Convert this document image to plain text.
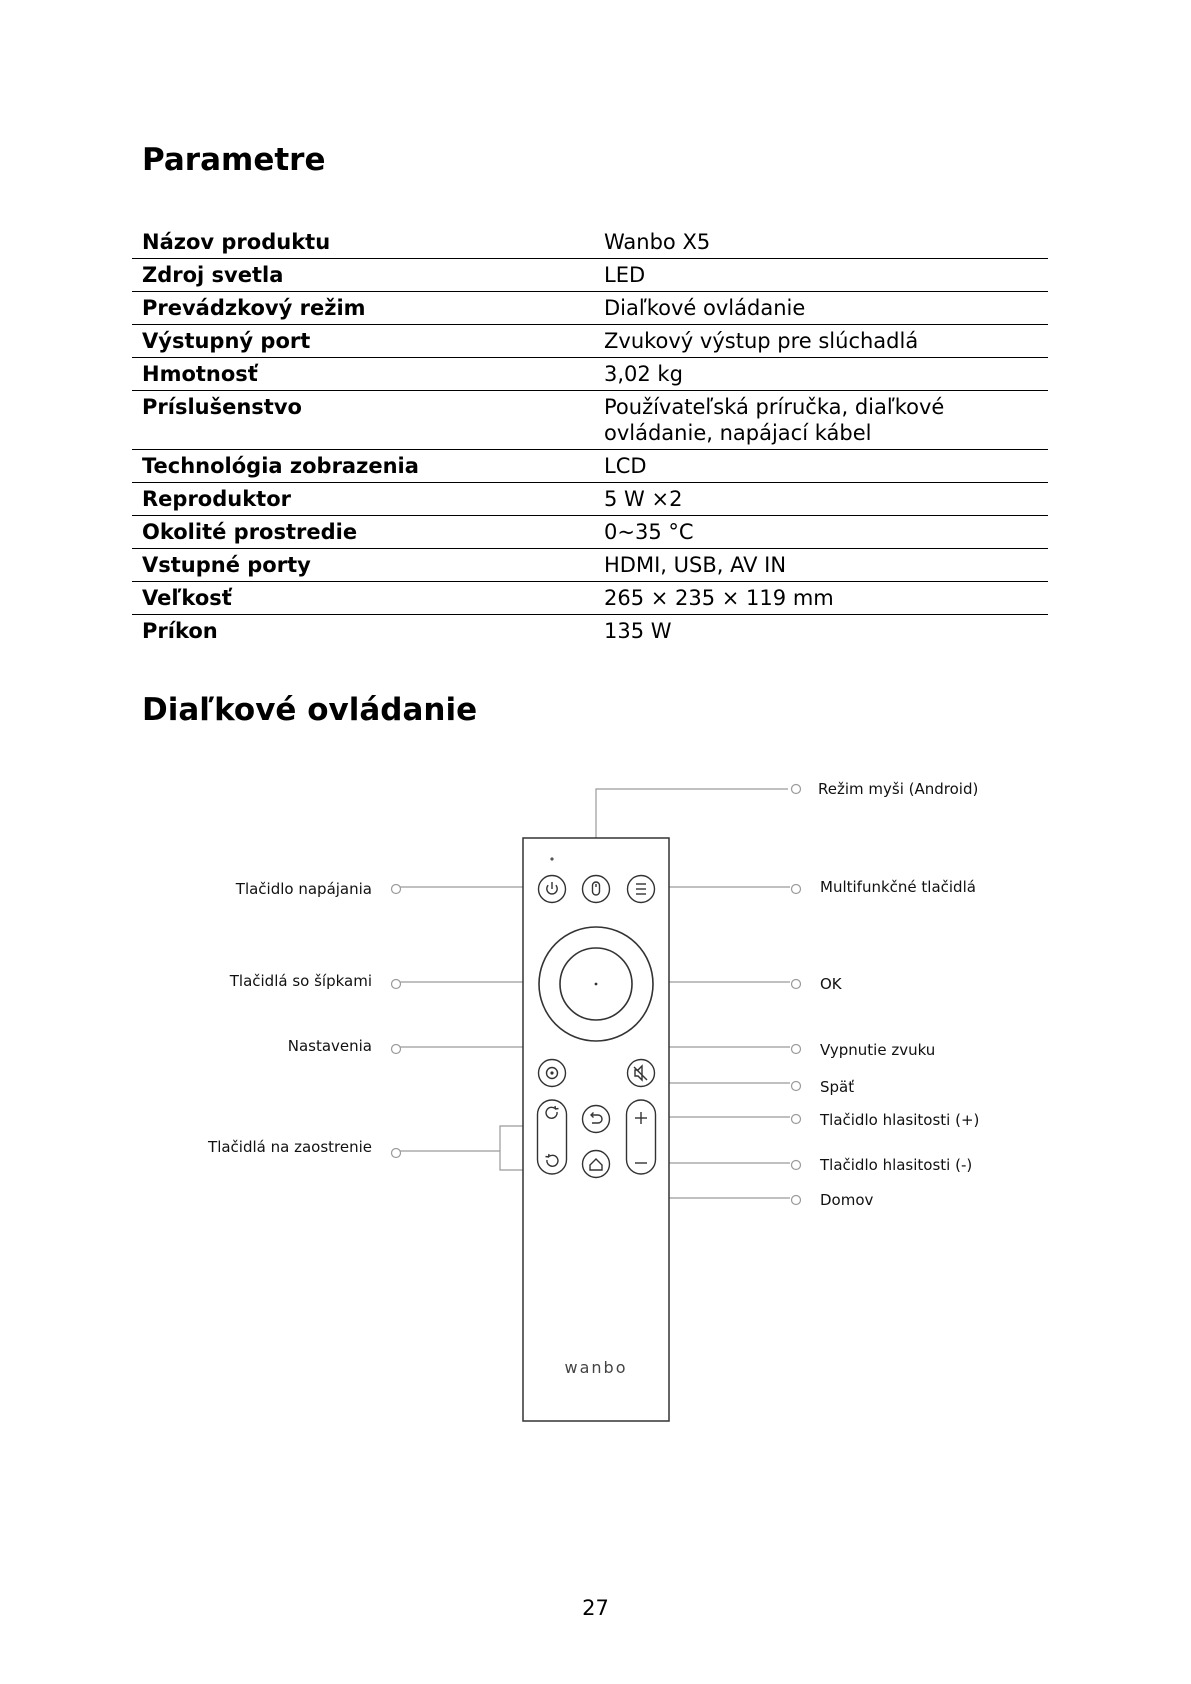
Parametre
Názov produktu	Wanbo X5
Zdroj svetla	LED
Prevádzkový režim	Diaľkové ovládanie
Výstupný port	Zvukový výstup pre slúchadlá
Hmotnosť	3,02 kg
Príslušenstvo	Používateľská príručka, diaľkové ovládanie, napájací kábel
Technológia zobrazenia	LCD
Reproduktor	5 W ×2
Okolité prostredie	0~35 °C
Vstupné porty	HDMI, USB, AV IN
Veľkosť	265 × 235 × 119 mm
Príkon	135 W
Diaľkové ovládanie
wanbo
Režim myši (Android)
Tlačidlo napájania	Multifunkčné tlačidlá
Tlačidlá so šípkami	OK
Nastavenia	Vypnutie zvuku
Späť
Tlačidlá na zaostrenie
Tlačidlo hlasitosti (+)
Tlačidlo hlasitosti (-)
Domov
27
